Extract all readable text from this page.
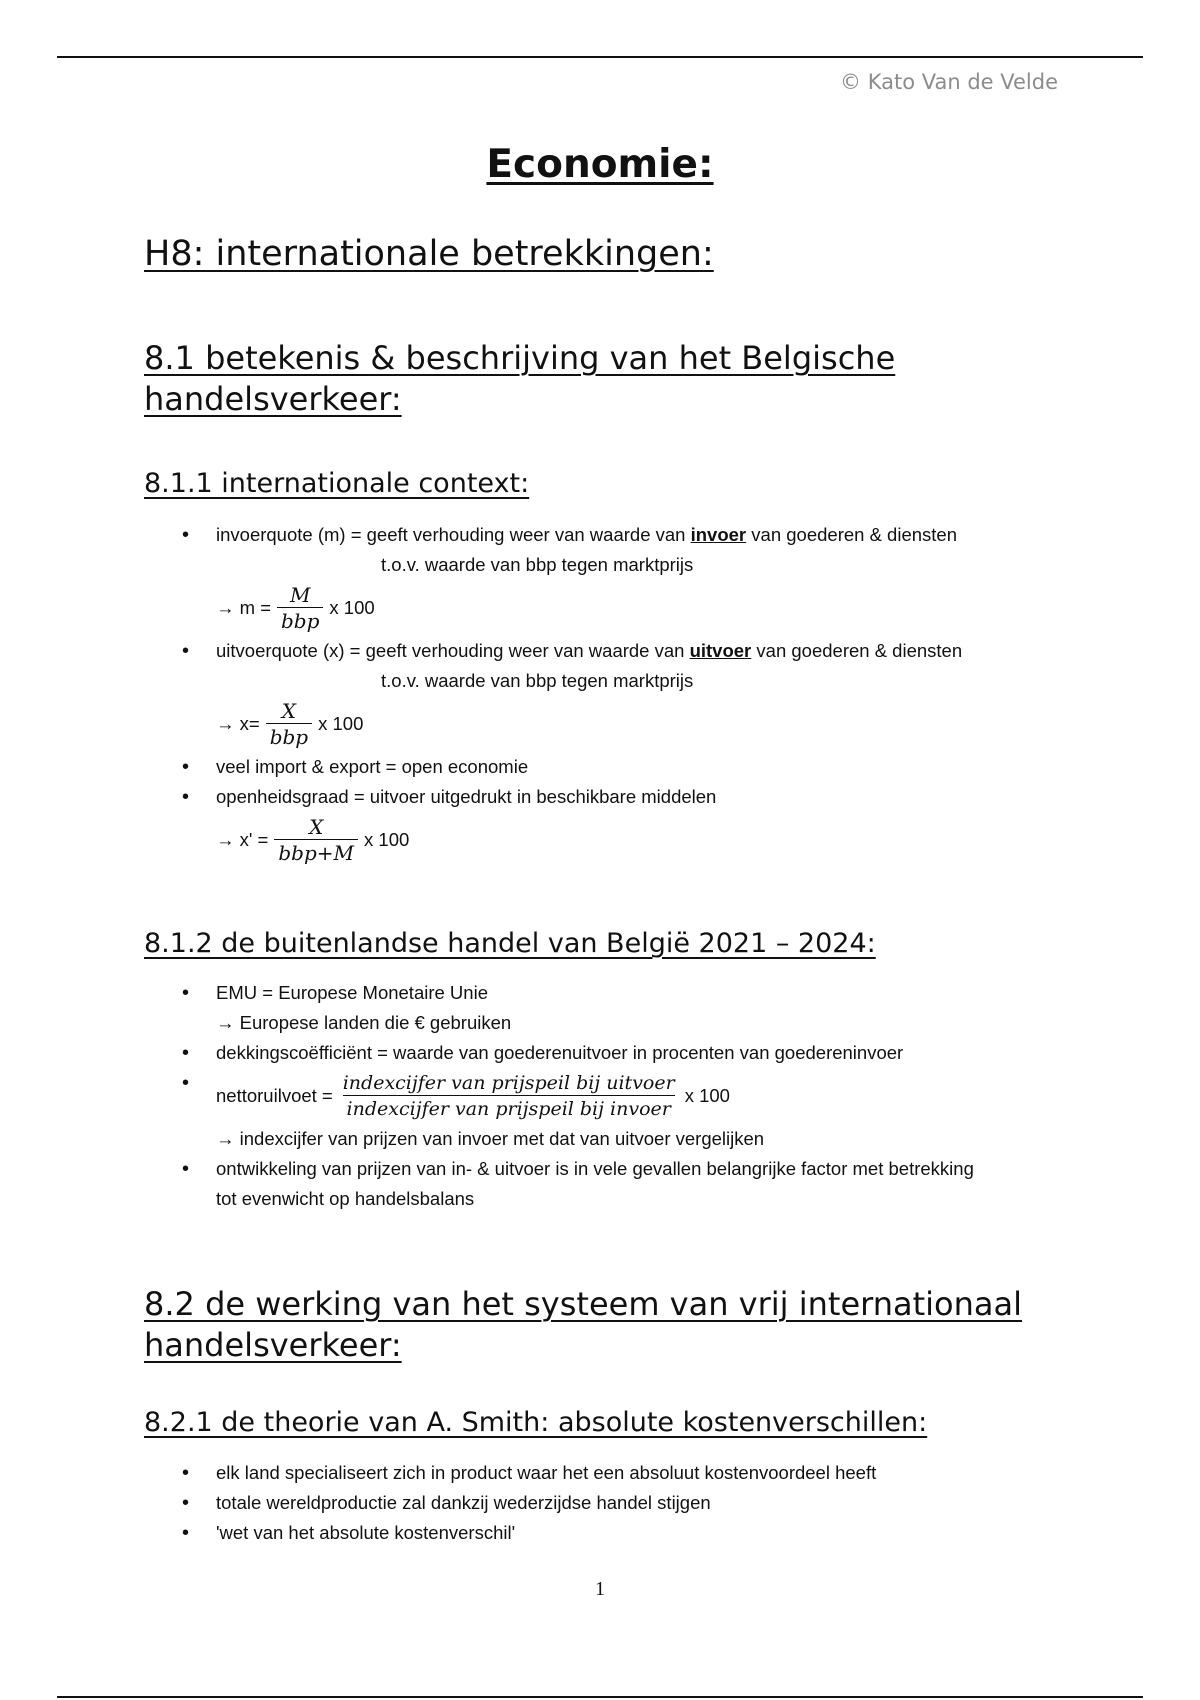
© Kato Van de Velde
Economie:
H8: internationale betrekkingen:
8.1 betekenis & beschrijving van het Belgische
handelsverkeer:
8.1.1 internationale context:
• invoerquote (m) = geeft verhouding weer van waarde van invoer van goederen & diensten
t.o.v. waarde van bbp tegen marktprijs
→ $m = \frac{M}{\text{bbp}}$ x 100
• uitvoerquote (x) = geeft verhouding weer van waarde van uitvoer van goederen & diensten
t.o.v. waarde van bbp tegen marktprijs
→ $x= \frac{X}{\text{bbp}}$ x 100
• veel import & export = open economie
• openheidsgraad = uitvoer uitgedrukt in beschikbare middelen
→ $x' = \frac{X}{\text{bbp+M}}$ x 100
8.1.2 de buitenlandse handel van België 2021 – 2024:
• EMU = Europese Monetaire Unie
→ Europese landen die € gebruiken
• dekkingscoëfficiënt = waarde van goederenuitvoer in procenten van goedereninvoer
• nettoruilvoet = $\frac{\text{indexcijfer van prijspeil bij uitvoer}}{\text{indexcijfer van prijspeil bij invoer}}$ x 100
→ indexcijfer van prijzen van invoer met dat van uitvoer vergelijken
• ontwikkeling van prijzen van in- & uitvoer is in vele gevallen belangrijke factor met betrekking
tot evenwicht op handelsbalans
8.2 de werking van het systeem van vrij internationaal
handelsverkeer:
8.2.1 de theorie van A. Smith: absolute kostenverschillen:
• elk land specialiseert zich in product waar het een absoluut kostenvoordeel heeft
• totale wereldproductie zal dankzij wederzijdse handel stijgen
• 'wet van het absolute kostenverschil'
1
